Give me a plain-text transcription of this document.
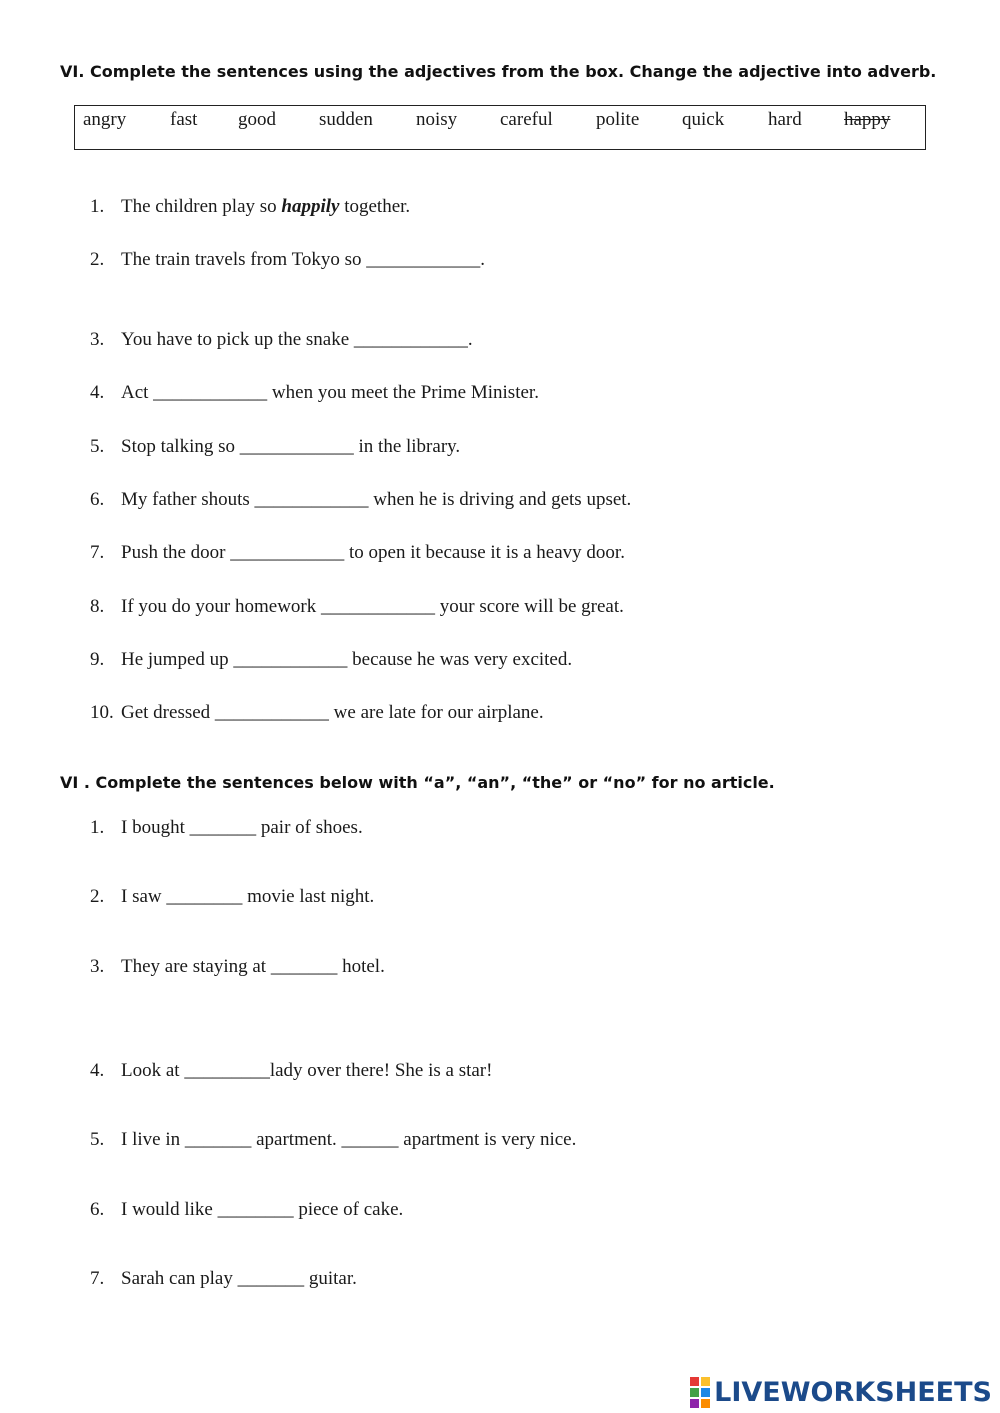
VI. Complete the sentences using the adjectives from the box. Change the adjective into adverb.
angry fast good sudden noisy careful polite quick hard happy
1. The children play so happily together.
2. The train travels from Tokyo so ____________.
3. You have to pick up the snake ____________.
4. Act ____________ when you meet the Prime Minister.
5. Stop talking so ____________ in the library.
6. My father shouts ____________ when he is driving and gets upset.
7. Push the door ____________ to open it because it is a heavy door.
8. If you do your homework ____________ your score will be great.
9. He jumped up ____________ because he was very excited.
10. Get dressed ____________ we are late for our airplane.
VI . Complete the sentences below with “a”, “an”, “the” or “no” for no article.
1. I bought _______ pair of shoes.
2. I saw ________ movie last night.
3. They are staying at _______ hotel.
4. Look at _________lady over there! She is a star!
5. I live in _______ apartment. ______ apartment is very nice.
6. I would like ________ piece of cake.
7. Sarah can play _______ guitar.
LIVEWORKSHEETS
